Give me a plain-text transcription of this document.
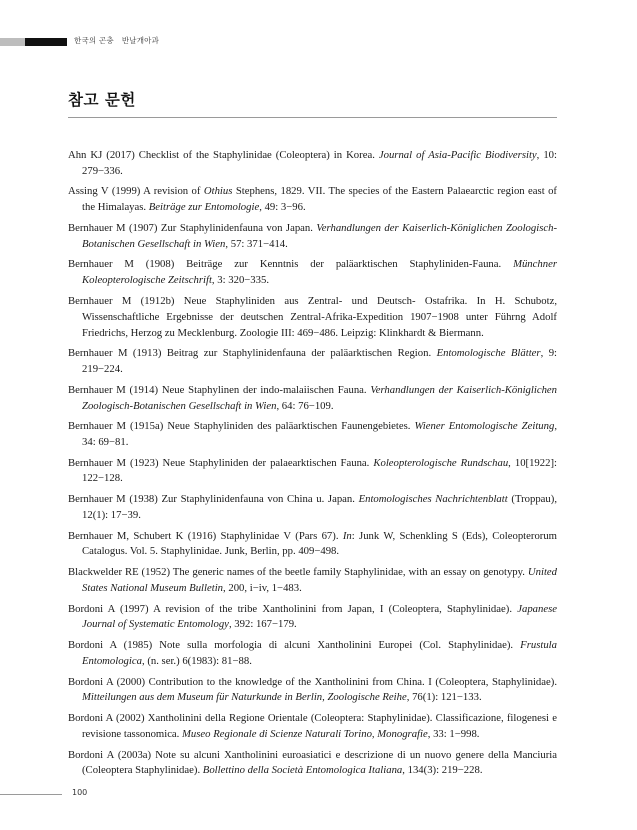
한국의 곤충 반날개아과
참고 문헌

Ahn KJ (2017) Checklist of the Staphylinidae (Coleoptera) in Korea. Journal of Asia-Pacific Biodiversity, 10: 279−336.

Assing V (1999) A revision of Othius Stephens, 1829. VII. The species of the Eastern Palaearctic region east of the Himalayas. Beiträge zur Entomologie, 49: 3−96.

Bernhauer M (1907) Zur Staphylinidenfauna von Japan. Verhandlungen der Kaiserlich-Königlichen Zoologisch-Botanischen Gesellschaft in Wien, 57: 371−414.

Bernhauer M (1908) Beiträge zur Kenntnis der paläarktischen Staphyliniden-Fauna. Münchner Koleopterologische Zeitschrift, 3: 320−335.

Bernhauer M (1912b) Neue Staphyliniden aus Zentral- und Deutsch- Ostafrika. In H. Schubotz, Wissenschaftliche Ergebnisse der deutschen Zentral-Afrika-Expedition 1907−1908 unter Führng Adolf Friedrichs, Herzog zu Mecklenburg. Zoologie III: 469−486. Leipzig: Klinkhardt & Biermann.

Bernhauer M (1913) Beitrag zur Staphylinidenfauna der paläarktischen Region. Entomologische Blätter, 9: 219−224.

Bernhauer M (1914) Neue Staphylinen der indo-malaiischen Fauna. Verhandlungen der Kaiserlich-Königlichen Zoologisch-Botanischen Gesellschaft in Wien, 64: 76−109.

Bernhauer M (1915a) Neue Staphyliniden des paläarktischen Faunengebietes. Wiener Entomologische Zeitung, 34: 69−81.

Bernhauer M (1923) Neue Staphyliniden der palaearktischen Fauna. Koleopterologische Rundschau, 10[1922]: 122−128.

Bernhauer M (1938) Zur Staphylinidenfauna von China u. Japan. Entomologisches Nachrichtenblatt (Troppau), 12(1): 17−39.

Bernhauer M, Schubert K (1916) Staphylinidae V (Pars 67). In: Junk W, Schenkling S (Eds), Coleopterorum Catalogus. Vol. 5. Staphylinidae. Junk, Berlin, pp. 409−498.

Blackwelder RE (1952) The generic names of the beetle family Staphylinidae, with an essay on genotypy. United States National Museum Bulletin, 200, i−iv, 1−483.

Bordoni A (1997) A revision of the tribe Xantholinini from Japan, I (Coleoptera, Staphylinidae). Japanese Journal of Systematic Entomology, 392: 167−179.

Bordoni A (1985) Note sulla morfologia di alcuni Xantholinini Europei (Col. Staphylinidae). Frustula Entomologica, (n. ser.) 6(1983): 81−88.

Bordoni A (2000) Contribution to the knowledge of the Xantholinini from China. I (Coleoptera, Staphylinidae). Mitteilungen aus dem Museum für Naturkunde in Berlin, Zoologische Reihe, 76(1): 121−133.

Bordoni A (2002) Xantholinini della Regione Orientale (Coleoptera: Staphylinidae). Classificazione, filogenesi e revisione tassonomica. Museo Regionale di Scienze Naturali Torino, Monografie, 33: 1−998.

Bordoni A (2003a) Note su alcuni Xantholinini euroasiatici e descrizione di un nuovo genere della Manciuria (Coleoptera Staphylinidae). Bollettino della Società Entomologica Italiana, 134(3): 219−228.

100
